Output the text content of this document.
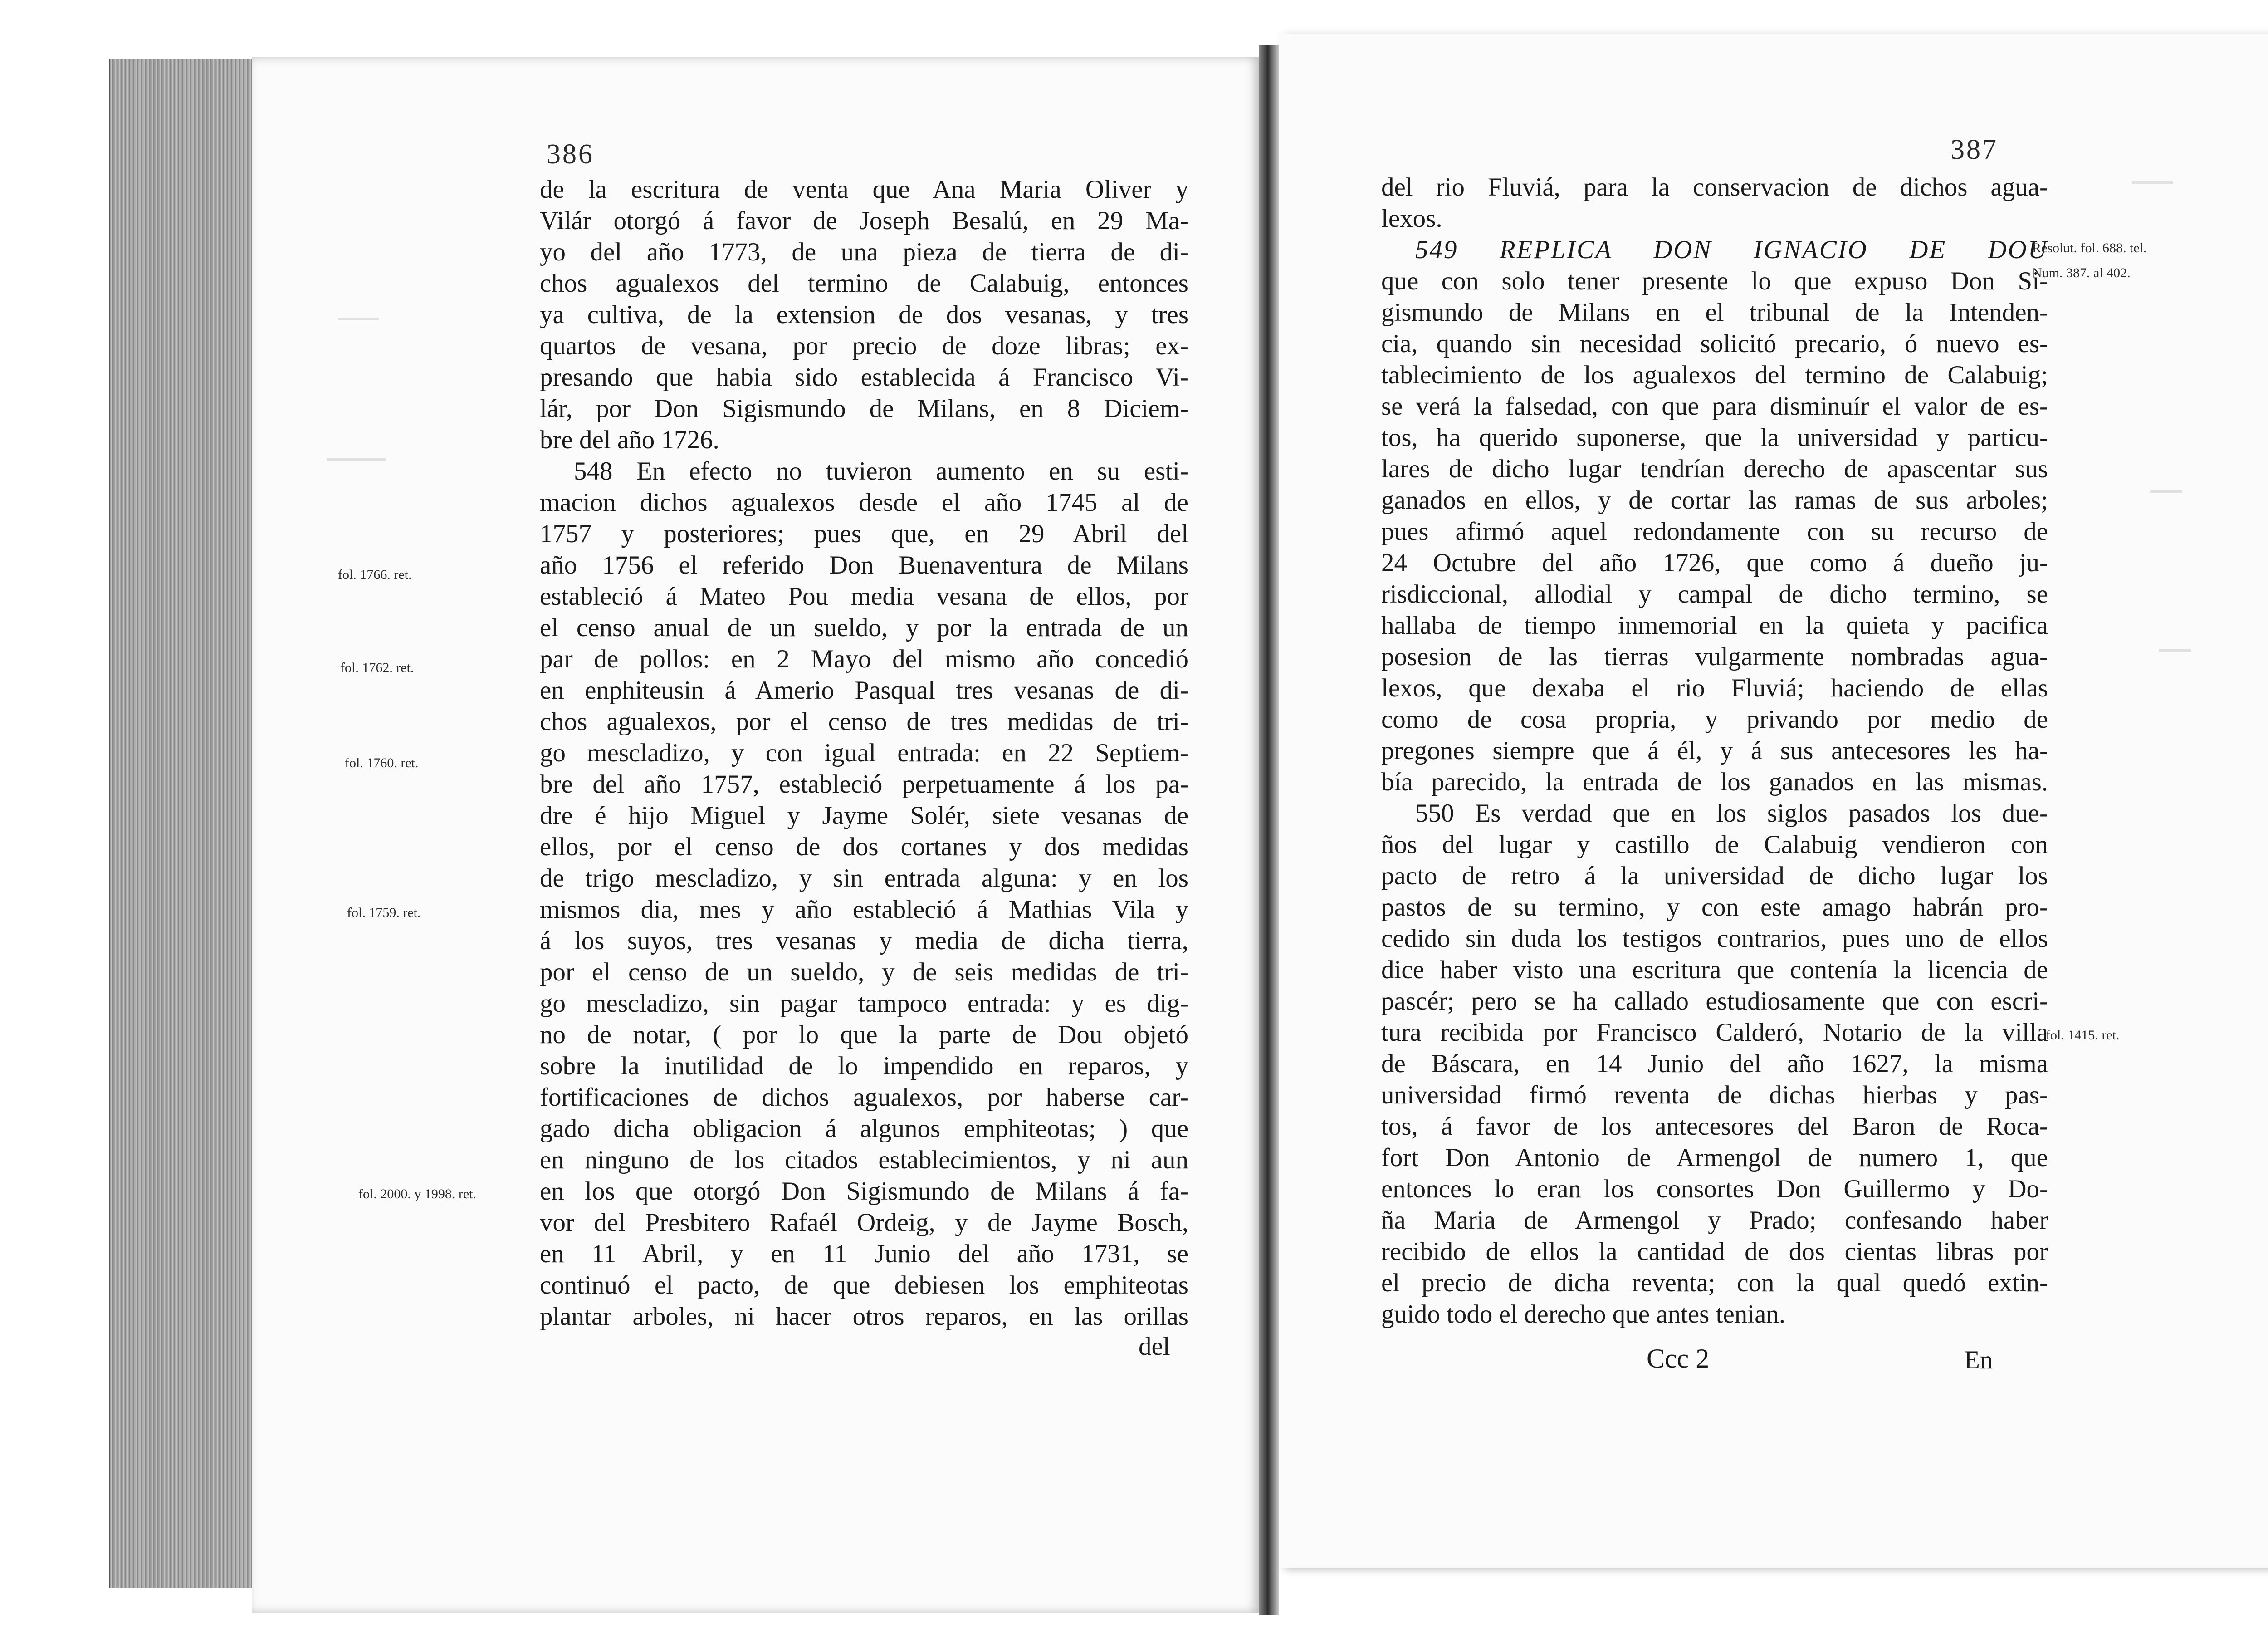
386
de la escritura de venta que Ana Maria Oliver y
Vilár otorgó á favor de Joseph Besalú, en 29 Ma-
yo del año 1773, de una pieza de tierra de di-
chos agualexos del termino de Calabuig, entonces
ya cultiva, de la extension de dos vesanas, y tres
quartos de vesana, por precio de doze libras; ex-
presando que habia sido establecida á Francisco Vi-
lár, por Don Sigismundo de Milans, en 8 Diciem-
bre del año 1726.
548 En efecto no tuvieron aumento en su esti-
macion dichos agualexos desde el año 1745 al de
1757 y posteriores; pues que, en 29 Abril del
año 1756 el referido Don Buenaventura de Milans
estableció á Mateo Pou media vesana de ellos, por
el censo anual de un sueldo, y por la entrada de un
par de pollos: en 2 Mayo del mismo año concedió
en enphiteusin á Amerio Pasqual tres vesanas de di-
chos agualexos, por el censo de tres medidas de tri-
go mescladizo, y con igual entrada: en 22 Septiem-
bre del año 1757, estableció perpetuamente á los pa-
dre é hijo Miguel y Jayme Solér, siete vesanas de
ellos, por el censo de dos cortanes y dos medidas
de trigo mescladizo, y sin entrada alguna: y en los
mismos dia, mes y año estableció á Mathias Vila y
á los suyos, tres vesanas y media de dicha tierra,
por el censo de un sueldo, y de seis medidas de tri-
go mescladizo, sin pagar tampoco entrada: y es dig-
no de notar, ( por lo que la parte de Dou objetó
sobre la inutilidad de lo impendido en reparos, y
fortificaciones de dichos agualexos, por haberse car-
gado dicha obligacion á algunos emphiteotas; ) que
en ninguno de los citados establecimientos, y ni aun
en los que otorgó Don Sigismundo de Milans á fa-
vor del Presbitero Rafaél Ordeig, y de Jayme Bosch,
en 11 Abril, y en 11 Junio del año 1731, se
continuó el pacto, de que debiesen los emphiteotas
plantar arboles, ni hacer otros reparos, en las orillas
del
fol. 1766. ret.
fol. 1762. ret.
fol. 1760. ret.
fol. 1759. ret.
fol. 2000. y 1998. ret.
387
del rio Fluviá, para la conservacion de dichos agua-
lexos.
549 REPLICA DON IGNACIO DE DOU
que con solo tener presente lo que expuso Don Si-
gismundo de Milans en el tribunal de la Intenden-
cia, quando sin necesidad solicitó precario, ó nuevo es-
tablecimiento de los agualexos del termino de Calabuig;
se verá la falsedad, con que para disminuír el valor de es-
tos, ha querido suponerse, que la universidad y particu-
lares de dicho lugar tendrían derecho de apascentar sus
ganados en ellos, y de cortar las ramas de sus arboles;
pues afirmó aquel redondamente con su recurso de
24 Octubre del año 1726, que como á dueño ju-
risdiccional, allodial y campal de dicho termino, se
hallaba de tiempo inmemorial en la quieta y pacifica
posesion de las tierras vulgarmente nombradas agua-
lexos, que dexaba el rio Fluviá; haciendo de ellas
como de cosa propria, y privando por medio de
pregones siempre que á él, y á sus antecesores les ha-
bía parecido, la entrada de los ganados en las mismas.
550 Es verdad que en los siglos pasados los due-
ños del lugar y castillo de Calabuig vendieron con
pacto de retro á la universidad de dicho lugar los
pastos de su termino, y con este amago habrán pro-
cedido sin duda los testigos contrarios, pues uno de ellos
dice haber visto una escritura que contenía la licencia de
pascér; pero se ha callado estudiosamente que con escri-
tura recibida por Francisco Calderó, Notario de la villa
de Báscara, en 14 Junio del año 1627, la misma
universidad firmó reventa de dichas hierbas y pas-
tos, á favor de los antecesores del Baron de Roca-
fort Don Antonio de Armengol de numero 1, que
entonces lo eran los consortes Don Guillermo y Do-
ña Maria de Armengol y Prado; confesando haber
recibido de ellos la cantidad de dos cientas libras por
el precio de dicha reventa; con la qual quedó extin-
guido todo el derecho que antes tenian.
Ccc 2	En
Resolut. fol. 688. tel.
Num. 387. al 402.
fol. 1415. ret.
